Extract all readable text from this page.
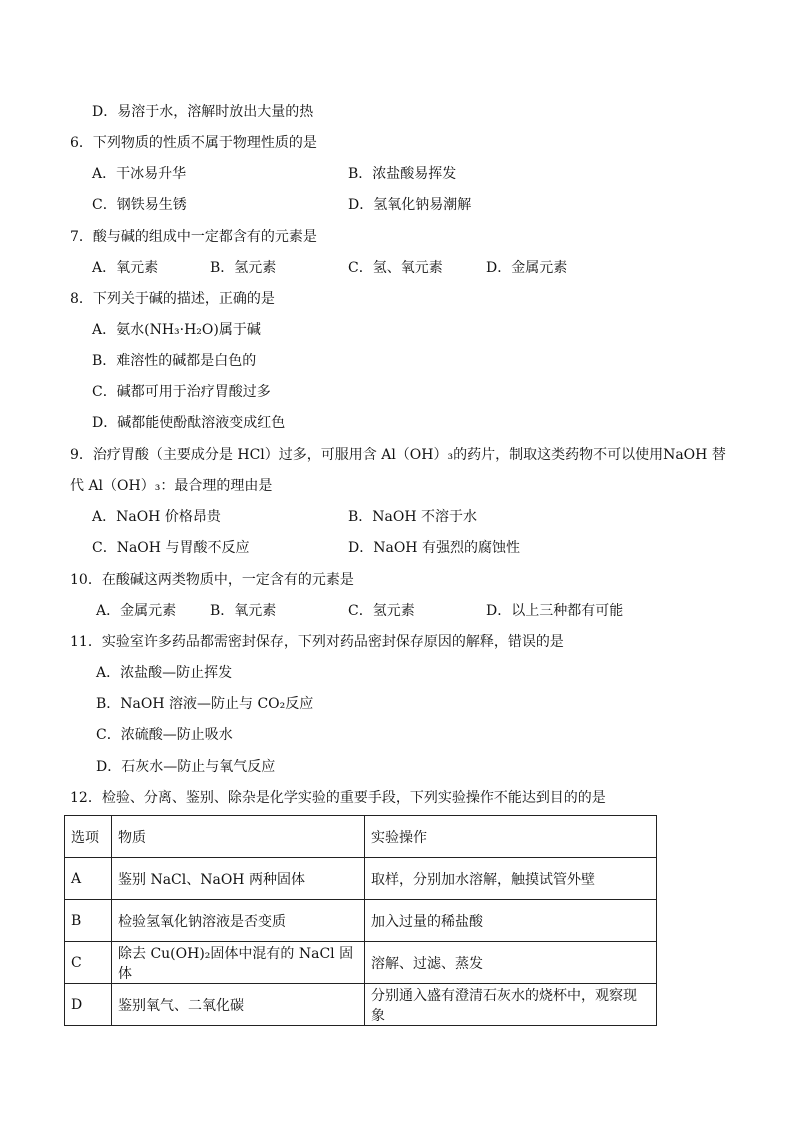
D．易溶于水，溶解时放出大量的热
6．下列物质的性质不属于物理性质的是
A．干冰易升华	B．浓盐酸易挥发
C．钢铁易生锈	D．氢氧化钠易潮解
7．酸与碱的组成中一定都含有的元素是
A．氧元素	B．氢元素	C．氢、氧元素	D．金属元素
8．下列关于碱的描述，正确的是
A．氨水(NH₃·H₂O)属于碱
B．难溶性的碱都是白色的
C．碱都可用于治疗胃酸过多
D．碱都能使酚酞溶液变成红色
9．治疗胃酸（主要成分是 HCl）过多，可服用含 Al（OH）₃的药片，制取这类药物不可以使用NaOH 替
代 Al（OH）₃：最合理的理由是
A．NaOH 价格昂贵	B．NaOH 不溶于水
C．NaOH 与胃酸不反应	D．NaOH 有强烈的腐蚀性
10．在酸碱这两类物质中，一定含有的元素是
A．金属元素 B．氧元素	C．氢元素	D．以上三种都有可能
11．实验室许多药品都需密封保存，下列对药品密封保存原因的解释，错误的是
A．浓盐酸—防止挥发
B．NaOH 溶液—防止与 CO₂反应
C．浓硫酸—防止吸水
D．石灰水—防止与氧气反应
12．检验、分离、鉴别、除杂是化学实验的重要手段，下列实验操作不能达到目的的是
选项	物质	实验操作
A	鉴别 NaCl、NaOH 两种固体	取样，分别加水溶解，触摸试管外壁
B	检验氢氧化钠溶液是否变质	加入过量的稀盐酸
C	除去 Cu(OH)₂固体中混有的 NaCl 固体	溶解、过滤、蒸发
D	鉴别氧气、二氧化碳	分别通入盛有澄清石灰水的烧杯中，观察现象
